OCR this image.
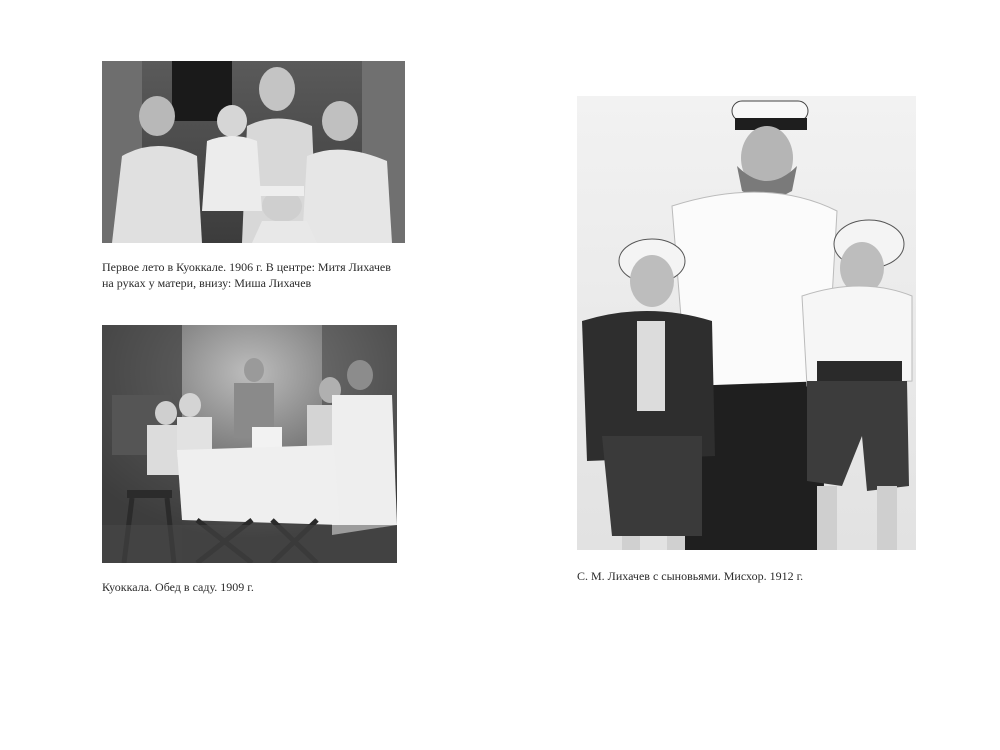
Первое лето в Куоккале. 1906 г. В центре: Митя Лихачев
на руках у матери, внизу: Миша Лихачев
Куоккала. Обед в саду. 1909 г.
С. М. Лихачев с сыновьями. Мисхор. 1912 г.
